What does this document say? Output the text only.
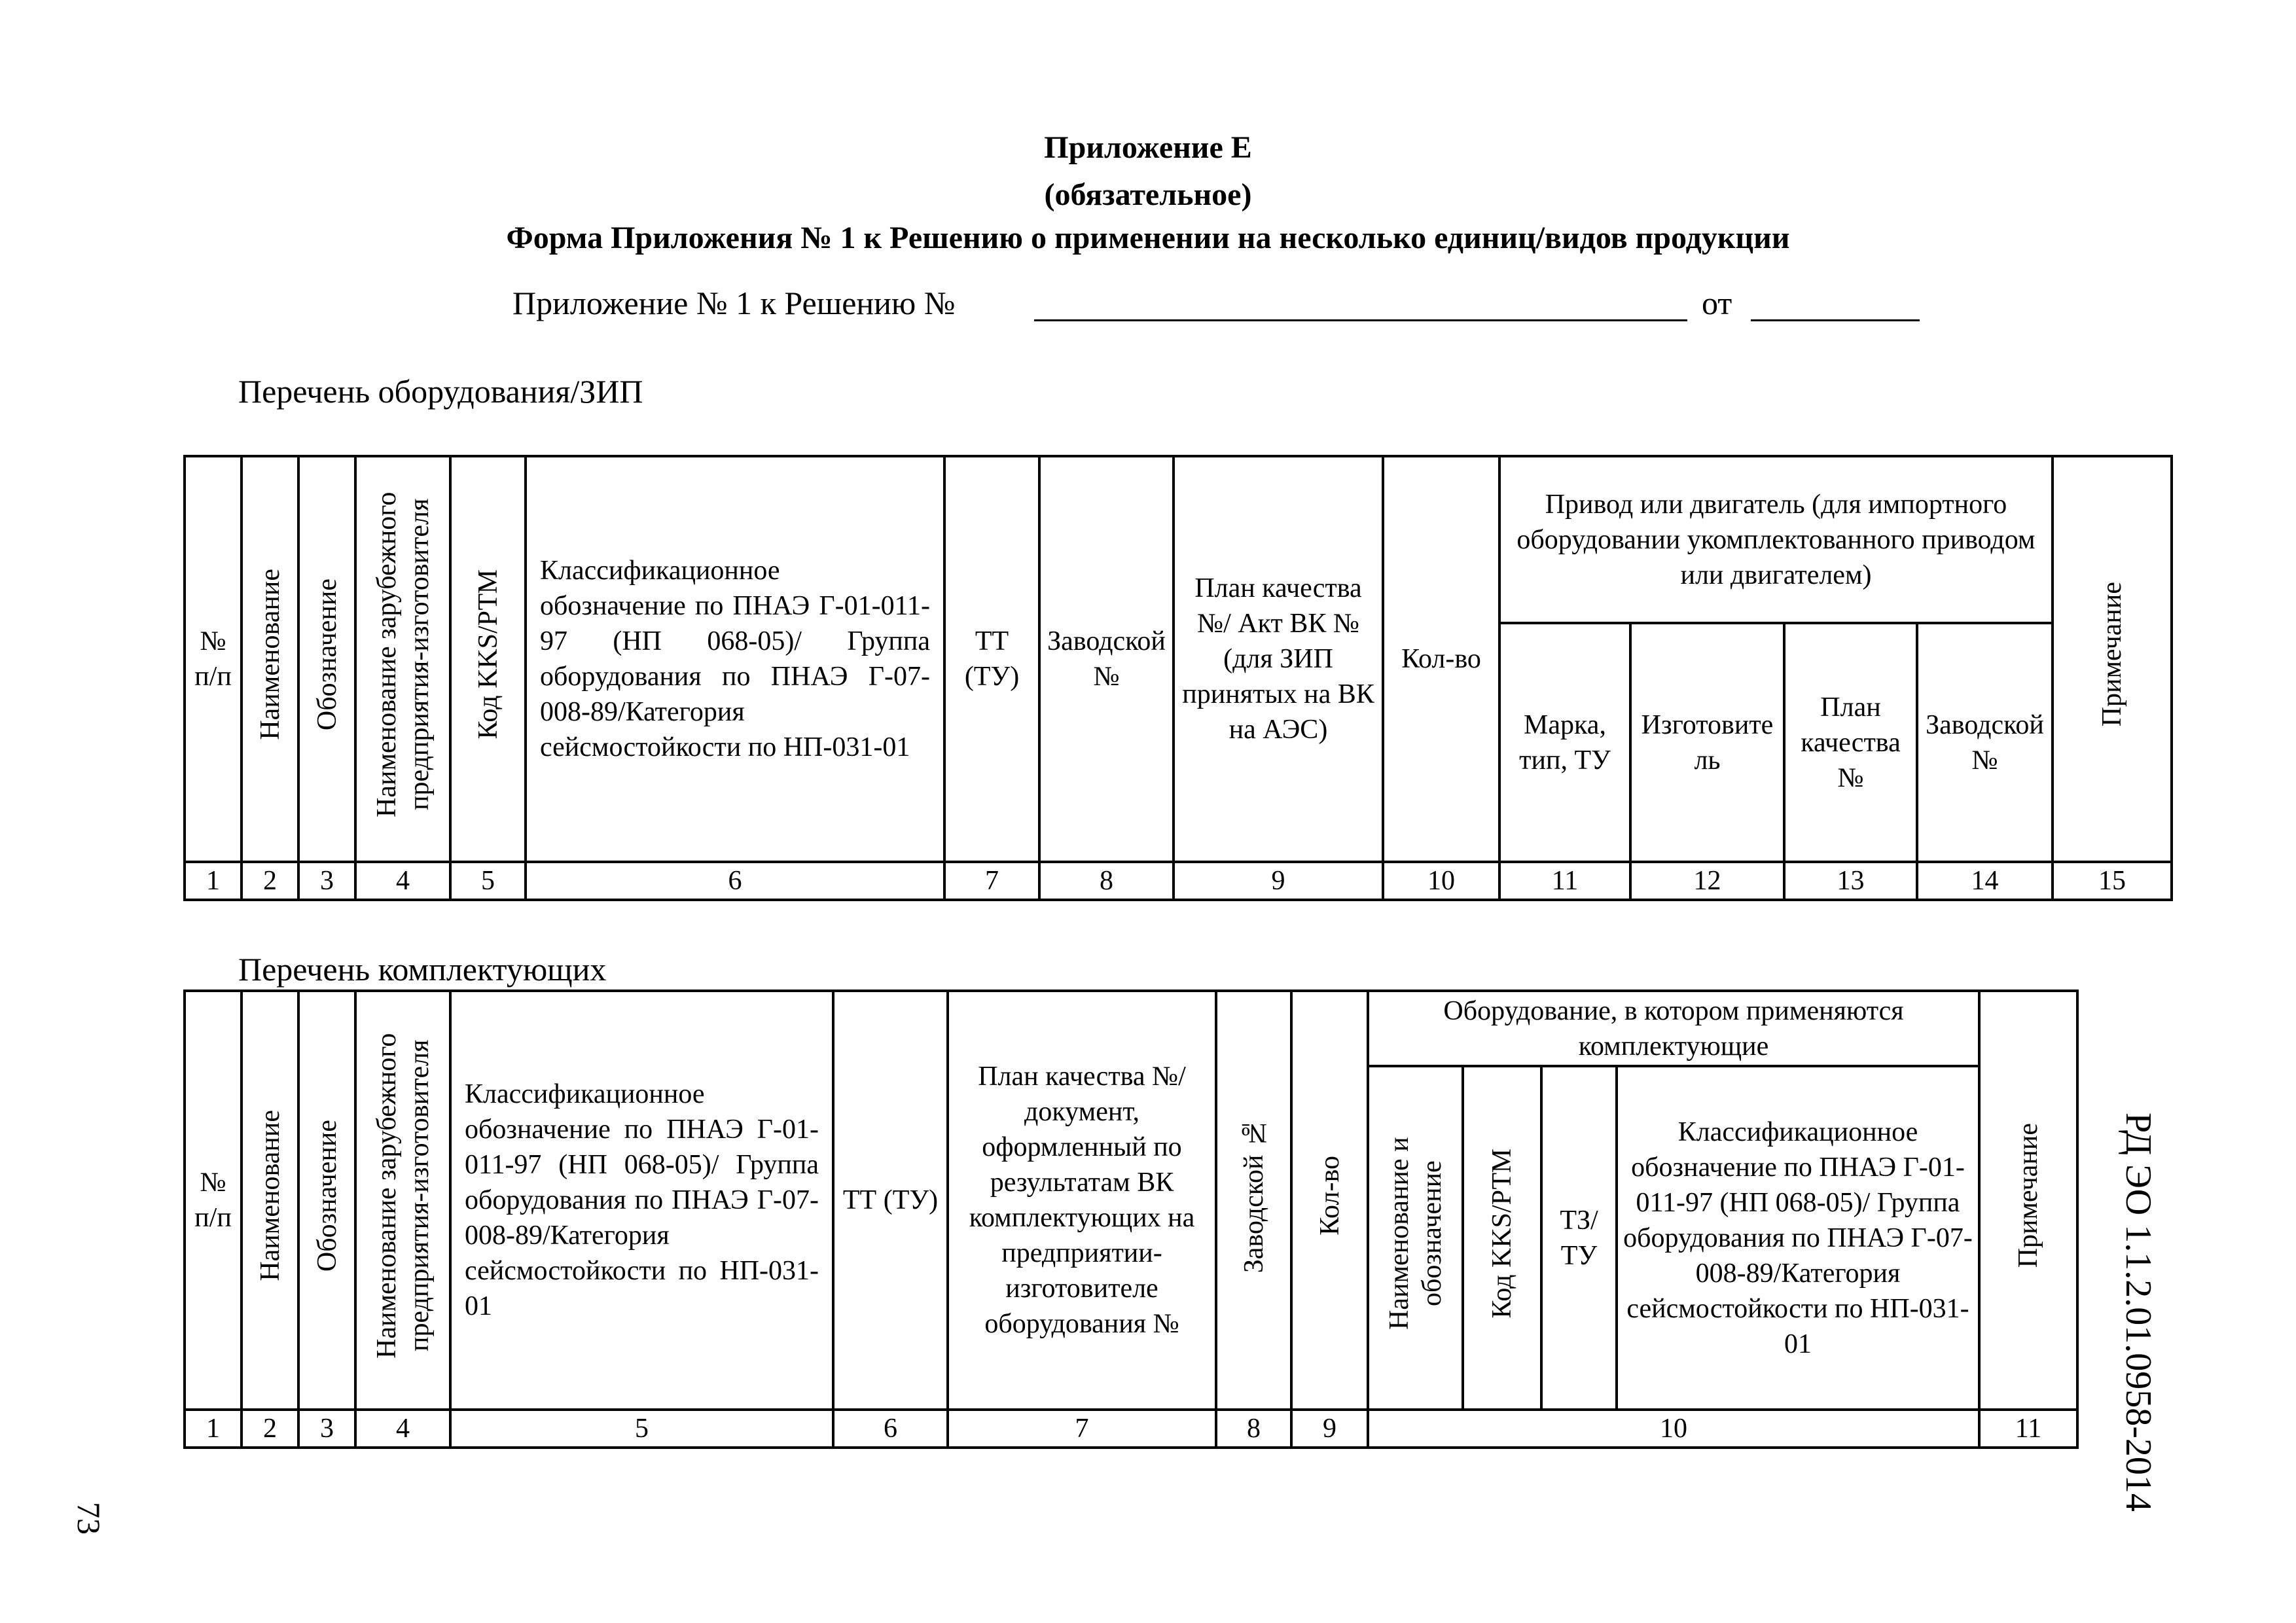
Приложение Е
(обязательное)
Форма Приложения № 1 к Решению о применении на несколько единиц/видов продукции
Приложение № 1 к Решению №	от
Перечень оборудования/ЗИП
№ п/п	Наименование	Обозначение	Наименование зарубежного предприятия-изготовителя	Код KKS/РТМ	Классификационное обозначение по ПНАЭ Г-01-011-97 (НП 068-05)/ Группа оборудования по ПНАЭ Г-07-008-89/Категория сейсмостойкости по НП-031-01	ТТ (ТУ)	Заводской №	План качества №/ Акт ВК № (для ЗИП принятых на ВК на АЭС)	Кол-во	Привод или двигатель (для импортного оборудовании укомплектованного приводом или двигателем)				Примечание
										Марка, тип, ТУ	Изготовитель	План качества №	Заводской №	
1	2	3	4	5	6	7	8	9	10	11	12	13	14	15
Перечень комплектующих
№ п/п	Наименование	Обозначение	Наименование зарубежного предприятия-изготовителя	Классификационное обозначение по ПНАЭ Г-01-011-97 (НП 068-05)/ Группа оборудования по ПНАЭ Г-07-008-89/Категория сейсмостойкости по НП-031-01	ТТ (ТУ)	План качества №/документ, оформленный по результатам ВК комплектующих на предприятии-изготовителе оборудования №	Заводской №	Кол-во	Оборудование, в котором применяются комплектующие				Примечание
									Наименование и обозначение	Код KKS/РТМ	ТЗ/ ТУ	Классификационное обозначение по ПНАЭ Г-01-011-97 (НП 068-05)/ Группа оборудования по ПНАЭ Г-07-008-89/Категория сейсмостойкости по НП-031-01	
1	2	3	4	5	6	7	8	9	10				11 РД ЭО 1.1.2.01.0958-2014
73
